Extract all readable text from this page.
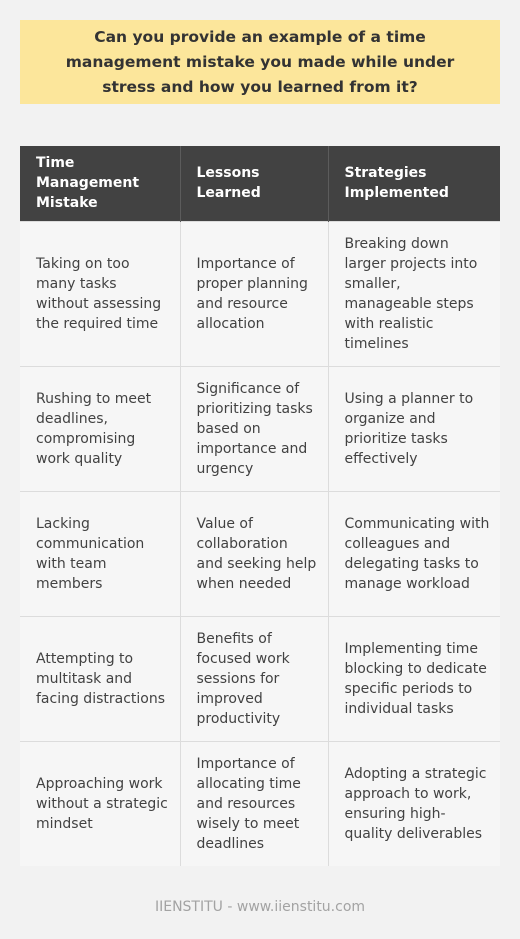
Can you provide an example of a time management mistake you made while under stress and how you learned from it?
Time Management Mistake	Lessons Learned	Strategies Implemented
Taking on too many tasks without assessing the required time	Importance of proper planning and resource allocation	Breaking down larger projects into smaller, manageable steps with realistic timelines
Rushing to meet deadlines, compromising work quality	Significance of prioritizing tasks based on importance and urgency	Using a planner to organize and prioritize tasks effectively
Lacking communication with team members	Value of collaboration and seeking help when needed	Communicating with colleagues and delegating tasks to manage workload
Attempting to multitask and facing distractions	Benefits of focused work sessions for improved productivity	Implementing time blocking to dedicate specific periods to individual tasks
Approaching work without a strategic mindset	Importance of allocating time and resources wisely to meet deadlines	Adopting a strategic approach to work, ensuring high-quality deliverables
IIENSTITU - www.iienstitu.com
